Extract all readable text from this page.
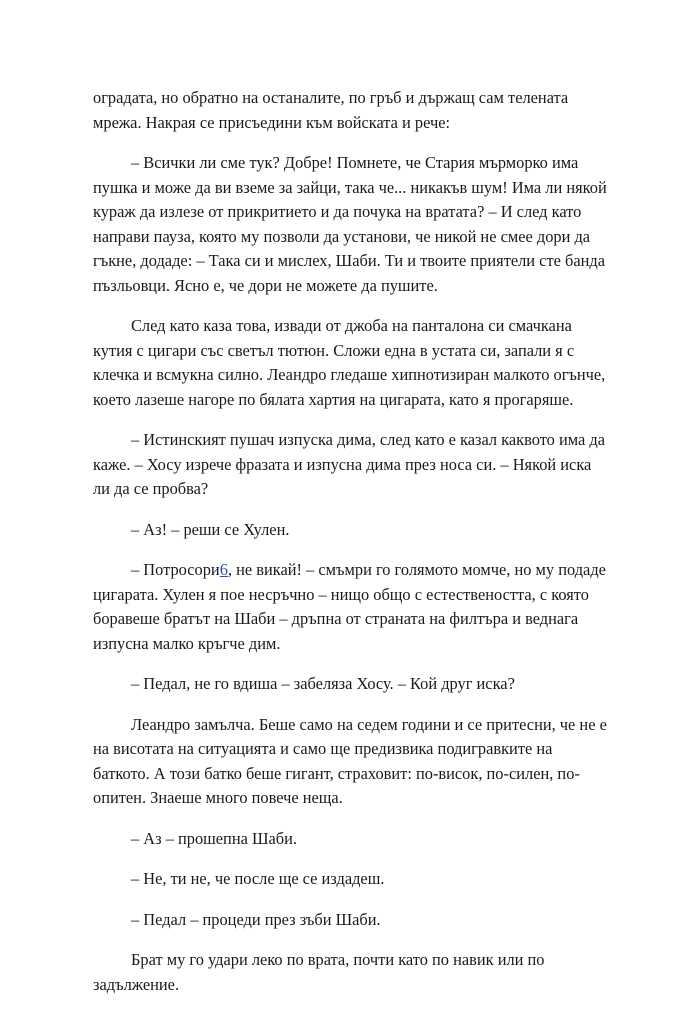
оградата, но обратно на останалите, по гръб и държащ сам телената
мрежа. Накрая се присъедини към войската и рече:
– Всички ли сме тук? Добре! Помнете, че Стария мърморко има
пушка и може да ви вземе за зайци, така че... никакъв шум! Има ли някой
кураж да излезе от прикритието и да почука на вратата? – И след като
направи пауза, която му позволи да установи, че никой не смее дори да
гъкне, додаде: – Така си и мислех, Шаби. Ти и твоите приятели сте банда
пъзльовци. Ясно е, че дори не можете да пушите.
След като каза това, извади от джоба на панталона си смачкана
кутия с цигари със светъл тютюн. Сложи една в устата си, запали я с
клечка и всмукна силно. Леандро гледаше хипнотизиран малкото огънче,
което лазеше нагоре по бялата хартия на цигарата, като я прогаряше.
– Истинският пушач изпуска дима, след като е казал каквото има да
каже. – Хосу изрече фразата и изпусна дима през носа си. – Някой иска
ли да се пробва?
– Аз! – реши се Хулен.
– Потросори6, не викай! – смъмри го голямото момче, но му подаде
цигарата. Хулен я пое несръчно – нищо общо с естествеността, с която
боравеше братът на Шаби – дръпна от страната на филтъра и веднага
изпусна малко кръгче дим.
– Педал, не го вдиша – забеляза Хосу. – Кой друг иска?
Леандро замълча. Беше само на седем години и се притесни, че не е
на висотата на ситуацията и само ще предизвика подигравките на
баткото. А този батко беше гигант, страховит: по-висок, по-силен, по-
опитен. Знаеше много повече неща.
– Аз – прошепна Шаби.
– Не, ти не, че после ще се издадеш.
– Педал – процеди през зъби Шаби.
Брат му го удари леко по врата, почти като по навик или по
задължение.
